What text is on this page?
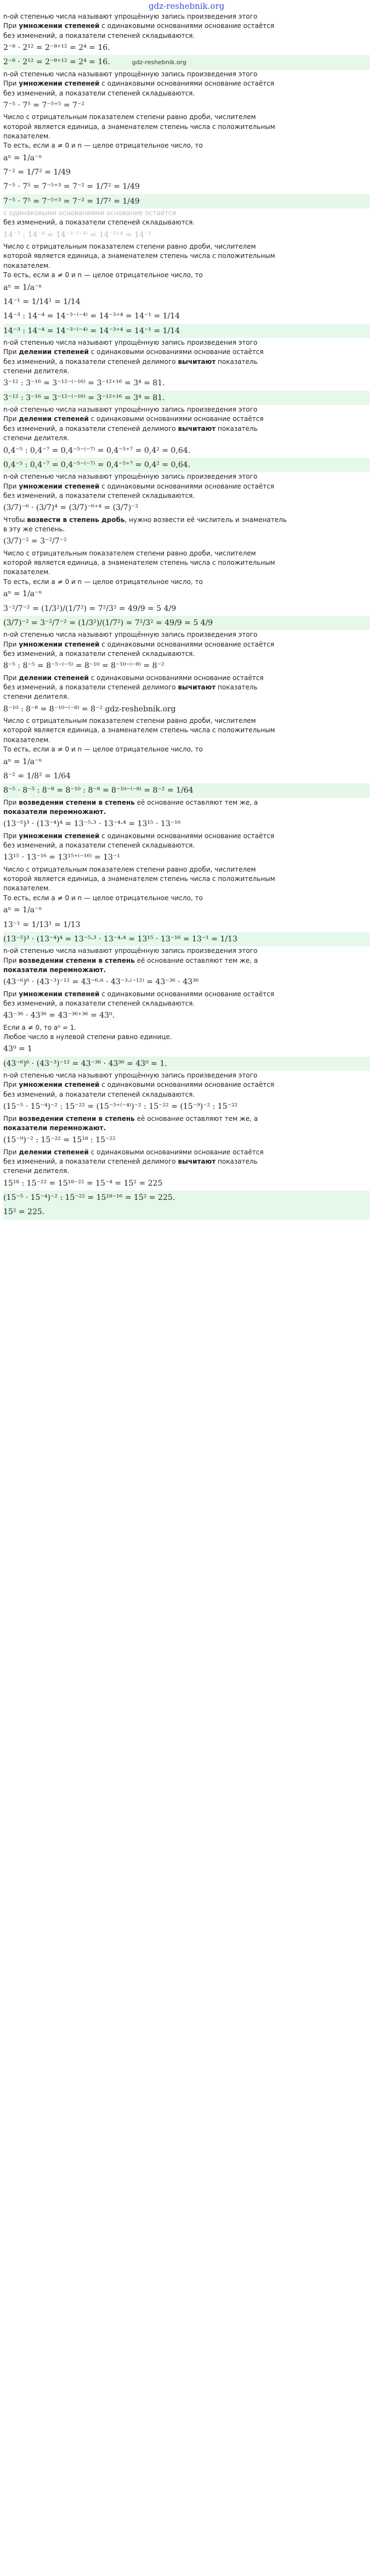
gdz-reshebnik.org

n-ой степенью числа называют упрощённую запись произведения этого

При умножении степеней с одинаковыми основаниями основание остаётся

без изменений, а показатели степеней складываются.

2⁻⁸ · 2¹² = 2⁻⁸⁺¹² = 2⁴ = 16.

2⁻⁸ · 2¹² = 2⁻⁸⁺¹² = 2⁴ = 16.	gdz-reshebnik.org

n-ой степенью числа называют упрощённую запись произведения этого

При умножении степеней с одинаковыми основаниями основание остаётся

без изменений, а показатели степеней складываются.

7⁻⁵ · 7⁵ = 7⁻⁵⁺⁵ = 7⁻²

Число с отрицательным показателем степени равно дроби, числителем

которой является единица, а знаменателем степень числа с положительным

показателем.

То есть, если a ≠ 0 и n — целое отрицательное число, то

aⁿ = 1/a⁻ⁿ

7⁻² = 1/7² = 1/49

7⁻⁵ · 7⁵ = 7⁻⁵⁺³ = 7⁻² = 1/7² = 1/49

7⁻⁵ · 7⁵ = 7⁻⁵⁺³ = 7⁻² = 1/7² = 1/49

с одинаковыми основаниями основание остаётся

без изменений, а показатели степеней складываются.

14⁻³ : 14⁻⁴ = 14⁻³⁻⁽⁻⁴⁾ = 14⁻³⁺⁴ = 14⁻¹

Число с отрицательным показателем степени равно дроби, числителем

которой является единица, а знаменателем степень числа с положительным

показателем.

То есть, если a ≠ 0 и n — целое отрицательное число, то

aⁿ = 1/a⁻ⁿ

14⁻¹ = 1/14¹ = 1/14

14⁻³ : 14⁻⁴ = 14⁻³⁻⁽⁻⁴⁾ = 14⁻³⁺⁴ = 14⁻¹ = 1/14

14⁻³ : 14⁻⁴ = 14⁻³⁻⁽⁻⁴⁾ = 14⁻³⁺⁴ = 14⁻¹ = 1/14

n-ой степенью числа называют упрощённую запись произведения этого

При делении степеней с одинаковыми основаниями основание остаётся

без изменений, а показатели степеней делимого вычитают показатель

степени делителя.

3⁻¹² : 3⁻¹⁶ = 3⁻¹²⁻⁽⁻¹⁶⁾ = 3⁻¹²⁺¹⁶ = 3⁴ = 81.

3⁻¹² : 3⁻¹⁶ = 3⁻¹²⁻⁽⁻¹⁶⁾ = 3⁻¹²⁺¹⁶ = 3⁴ = 81.

n-ой степенью числа называют упрощённую запись произведения этого

При делении степеней с одинаковыми основаниями основание остаётся

без изменений, а показатели степеней делимого вычитают показатель

степени делителя.

0,4⁻⁵ : 0,4⁻⁷ = 0,4⁻⁵⁻⁽⁻⁷⁾ = 0,4⁻⁵⁺⁷ = 0,4² = 0,64.

0,4⁻⁵ : 0,4⁻⁷ = 0,4⁻⁵⁻⁽⁻⁷⁾ = 0,4⁻⁵⁺⁷ = 0,4² = 0,64.

n-ой степенью числа называют упрощённую запись произведения этого

При умножении степеней с одинаковыми основаниями основание остаётся

без изменений, а показатели степеней складываются.

(3/7)⁻⁶ · (3/7)⁴ = (3/7)⁻⁶⁺⁴ = (3/7)⁻²

Чтобы возвести в степень дробь, нужно возвести её числитель и знаменатель

в эту же степень.

(3/7)⁻² = 3⁻²/7⁻²

Число с отрицательным показателем степени равно дроби, числителем

которой является единица, а знаменателем степень числа с положительным

показателем.

То есть, если a ≠ 0 и n — целое отрицательное число, то

aⁿ = 1/a⁻ⁿ

3⁻²/7⁻² = (1/3²)/(1/7²) = 7²/3² = 49/9 = 5 4/9

(3/7)⁻² = 3⁻²/7⁻² = (1/3²)/(1/7²) = 7²/3² = 49/9 = 5 4/9

n-ой степенью числа называют упрощённую запись произведения этого

При умножении степеней с одинаковыми основаниями основание остаётся

без изменений, а показатели степеней складываются.

8⁻⁵ : 8⁻⁵ = 8⁻⁵⁻⁽⁻⁵⁾ = 8⁻¹⁰ = 8⁻¹⁰⁻⁽⁻⁸⁾ = 8⁻²

При делении степеней с одинаковыми основаниями основание остаётся

без изменений, а показатели степеней делимого вычитают показатель

степени делителя.

8⁻¹⁰ : 8⁻⁸ = 8⁻¹⁰⁻⁽⁻⁸⁾ = 8⁻² gdz-reshebnik.org

Число с отрицательным показателем степени равно дроби, числителем

которой является единица, а знаменателем степень числа с положительным

показателем.

То есть, если a ≠ 0 и n — целое отрицательное число, то

aⁿ = 1/a⁻ⁿ

8⁻² = 1/8² = 1/64

8⁻⁵ · 8⁻⁵ : 8⁻⁸ = 8⁻¹⁰ : 8⁻⁸ = 8⁻¹⁰⁻⁽⁻⁸⁾ = 8⁻² = 1/64

При возведении степени в степень её основание оставляют тем же, а

показатели перемножают.

(13⁻⁵)³ · (13⁻⁴)⁴ = 13⁻⁵·³ · 13⁻⁴·⁴ = 13¹⁵ · 13⁻¹⁶

При умножении степеней с одинаковыми основаниями основание остаётся

без изменений, а показатели степеней складываются.

13¹⁵ · 13⁻¹⁶ = 13¹⁵⁺⁽⁻¹⁶⁾ = 13⁻¹

Число с отрицательным показателем степени равно дроби, числителем

которой является единица, а знаменателем степень числа с положительным

показателем.

То есть, если a ≠ 0 и n — целое отрицательное число, то

aⁿ = 1/a⁻ⁿ

13⁻¹ = 1/13¹ = 1/13

(13⁻⁵)³ · (13⁻⁴)⁴ = 13⁻⁵·³ · 13⁻⁴·⁴ = 13¹⁵ · 13⁻¹⁶ = 13⁻¹ = 1/13

n-ой степенью числа называют упрощённую запись произведения этого

При возведении степени в степень её основание оставляют тем же, а

показатели перемножают.

(43⁻⁶)⁶ · (43⁻³)⁻¹² = 43⁻⁶·⁶ · 43⁻³·⁽⁻¹²⁾ = 43⁻³⁶ · 43³⁶

При умножении степеней с одинаковыми основаниями основание остаётся

без изменений, а показатели степеней складываются.

43⁻³⁶ · 43³⁶ = 43⁻³⁶⁺³⁶ = 43⁰.

Если a ≠ 0, то a⁰ = 1.

Любое число в нулевой степени равно единице.

43⁰ = 1

(43⁻⁶)⁶ · (43⁻³)⁻¹² = 43⁻³⁶ · 43³⁶ = 43⁰ = 1.

n-ой степенью числа называют упрощённую запись произведения этого

При умножении степеней с одинаковыми основаниями основание остаётся

без изменений, а показатели степеней складываются.

(15⁻⁵ · 15⁻⁴)⁻² : 15⁻²² = (15⁻⁵⁺⁽⁻⁴⁾)⁻² : 15⁻²² = (15⁻⁹)⁻² : 15⁻²²

При возведении степени в степень её основание оставляют тем же, а

показатели перемножают.

(15⁻⁹)⁻² : 15⁻²² = 15¹⁸ : 15⁻²²

При делении степеней с одинаковыми основаниями основание остаётся

без изменений, а показатели степеней делимого вычитают показатель

степени делителя.

15¹⁸ : 15⁻²² = 15¹⁸⁻²² = 15⁻⁴ = 15² = 225

(15⁻⁵ · 15⁻⁴)⁻² : 15⁻²² = 15¹⁸⁻¹⁶ = 15² = 225.

15² = 225.
